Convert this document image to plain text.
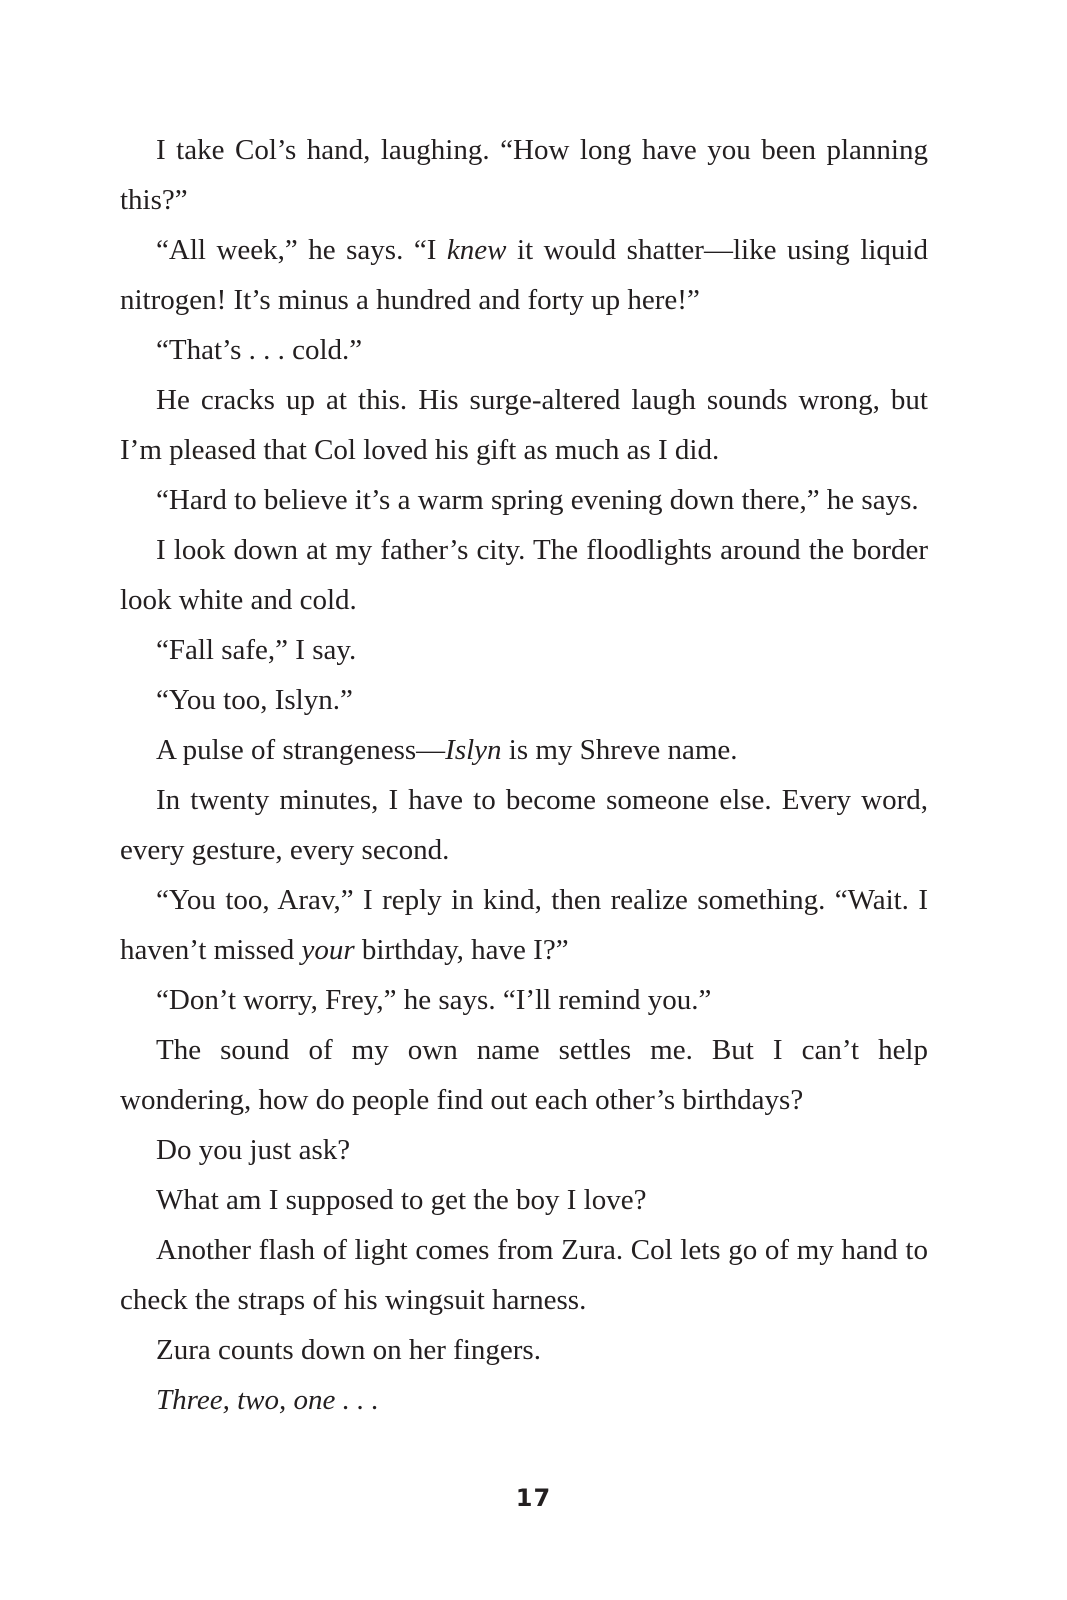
I take Col’s hand, laughing. “How long have you been planning this?”

“All week,” he says. “I knew it would shatter—like using liquid nitrogen! It’s minus a hundred and forty up here!”

“That’s . . . cold.”

He cracks up at this. His surge-altered laugh sounds wrong, but I’m pleased that Col loved his gift as much as I did.

“Hard to believe it’s a warm spring evening down there,” he says.

I look down at my father’s city. The floodlights around the border look white and cold.

“Fall safe,” I say.

“You too, Islyn.”

A pulse of strangeness—Islyn is my Shreve name.

In twenty minutes, I have to become someone else. Every word, every gesture, every second.

“You too, Arav,” I reply in kind, then realize something. “Wait. I haven’t missed your birthday, have I?”

“Don’t worry, Frey,” he says. “I’ll remind you.”

The sound of my own name settles me. But I can’t help wondering, how do people find out each other’s birthdays?

Do you just ask?

What am I supposed to get the boy I love?

Another flash of light comes from Zura. Col lets go of my hand to check the straps of his wingsuit harness.

Zura counts down on her fingers.

Three, two, one . . .

17
